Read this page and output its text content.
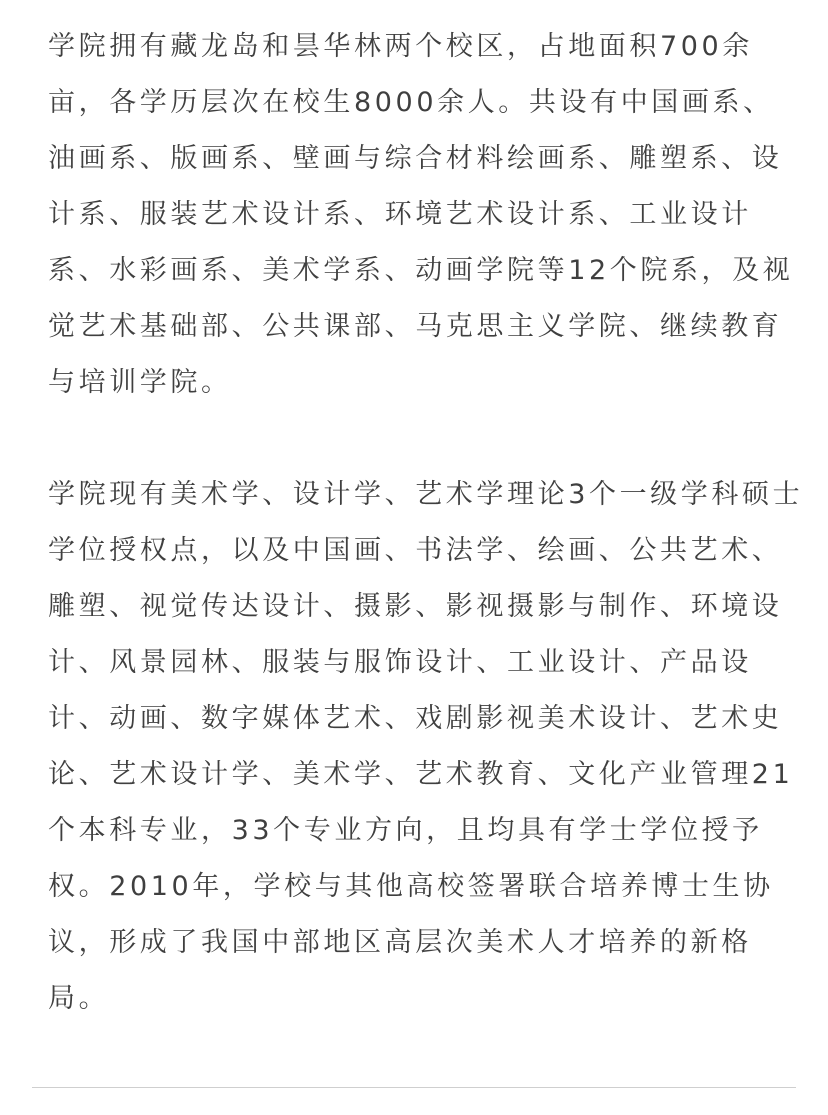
学院拥有藏龙岛和昙华林两个校区，占地面积700余
亩，各学历层次在校生8000余人。共设有中国画系、
油画系、版画系、壁画与综合材料绘画系、雕塑系、设
计系、服装艺术设计系、环境艺术设计系、工业设计
系、水彩画系、美术学系、动画学院等12个院系，及视
觉艺术基础部、公共课部、马克思主义学院、继续教育
与培训学院。

学院现有美术学、设计学、艺术学理论3个一级学科硕士
学位授权点，以及中国画、书法学、绘画、公共艺术、
雕塑、视觉传达设计、摄影、影视摄影与制作、环境设
计、风景园林、服装与服饰设计、工业设计、产品设
计、动画、数字媒体艺术、戏剧影视美术设计、艺术史
论、艺术设计学、美术学、艺术教育、文化产业管理21
个本科专业，33个专业方向，且均具有学士学位授予
权。2010年，学校与其他高校签署联合培养博士生协
议，形成了我国中部地区高层次美术人才培养的新格
局。
